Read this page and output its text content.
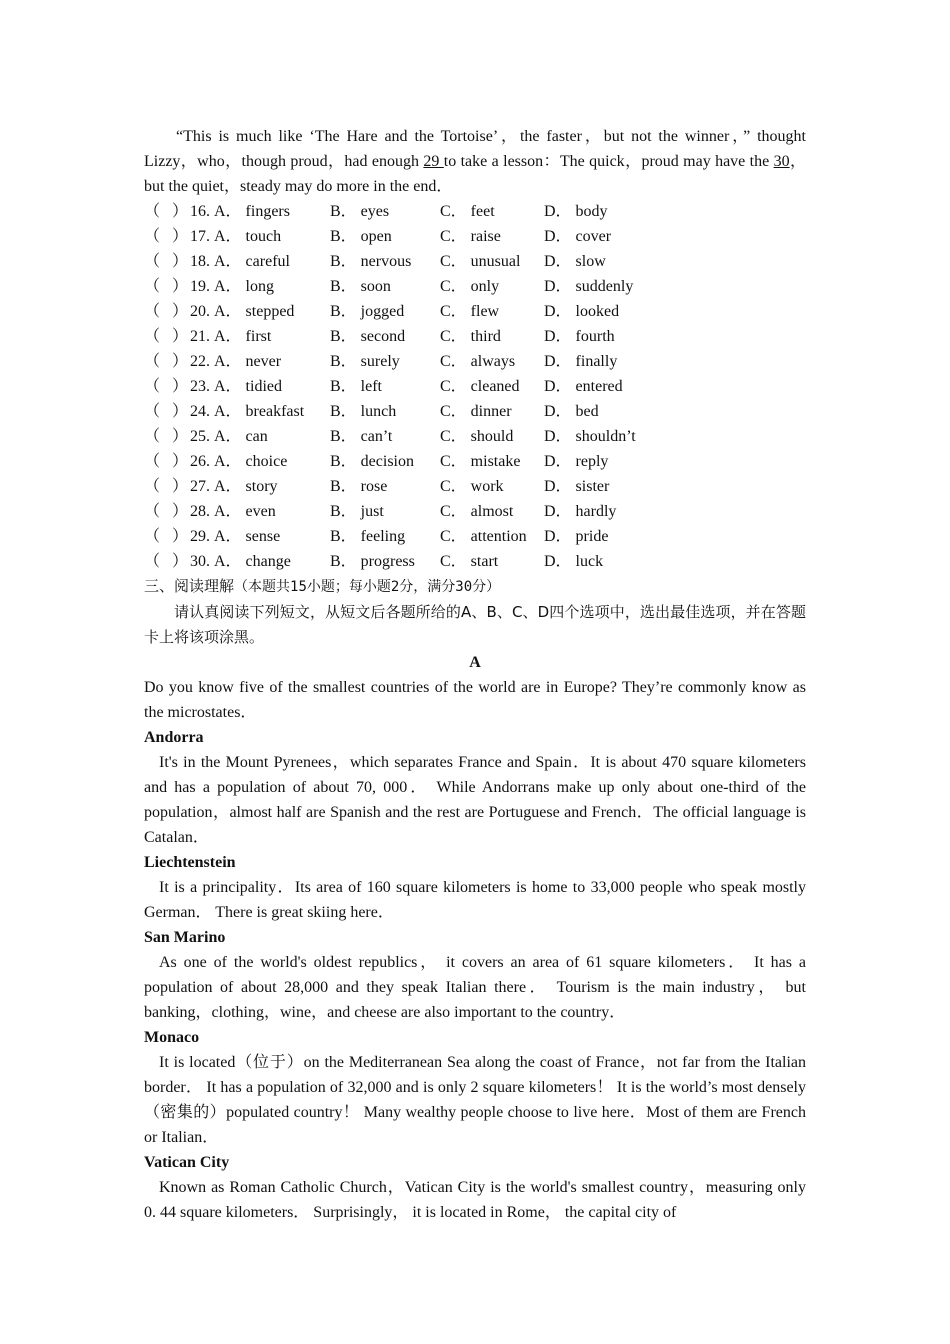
“This is much like ‘The Hare and the Tortoise’，the faster，but not the winner，” thought Lizzy，who，though proud，had enough 29 to take a lesson：The quick，proud may have the 30，but the quiet，steady may do more in the end．

（   ） 16. A． fingers	B． eyes	C． feet	D． body
（   ） 17. A． touch	B． open	C． raise	D． cover
（   ） 18. A． careful	B． nervous C． unusual D． slow
（   ） 19. A． long	B． soon	C． only	D． suddenly
（   ） 20. A． stepped B． jogged C． flew	D． looked
（   ） 21. A． first	B． second C． third	D． fourth
（   ） 22. A． never	B． surely	C． always D． finally
（   ） 23. A． tidied	B． left	C． cleaned D． entered
（   ） 24. A． breakfast B． lunch	C． dinner D． bed
（   ） 25. A． can	B． can’t	C． should D． shouldn’t
（   ） 26. A． choice	B． decision C． mistake D． reply
（   ） 27. A． story	B． rose	C． work	D． sister
（   ） 28. A． even	B． just	C． almost D． hardly
（   ） 29. A． sense	B． feeling C． attention D． pride
（   ） 30. A． change B． progress C． start	D． luck

三、阅读理解（本题共15小题；每小题2分，满分30分）

请认真阅读下列短文，从短文后各题所给的A、B、C、D四个选项中，选出最佳选项，并在答题卡上将该项涂黑。

A

Do you know five of the smallest countries of the world are in Europe? They’re commonly know as the microstates．

Andorra

It's in the Mount Pyrenees，which separates France and Spain．It is about 470 square kilometers and has a population of about 70, 000． While Andorrans make up only about one-third of the population，almost half are Spanish and the rest are Portuguese and French．The official language is Catalan．

Liechtenstein

It is a principality．Its area of 160 square kilometers is home to 33,000 people who speak mostly German． There is great skiing here．

San Marino

As one of the world's oldest republics， it covers an area of 61 square kilometers． It has a population of about 28,000 and they speak Italian there． Tourism is the main industry， but banking，clothing，wine，and cheese are also important to the country．

Monaco

It is located（位于）on the Mediterranean Sea along the coast of France，not far from the Italian border． It has a population of 32,000 and is only 2 square kilometers！ It is the world’s most densely（密集的）populated country！ Many wealthy people choose to live here．Most of them are French or Italian．

Vatican City

Known as Roman Catholic Church，Vatican City is the world's smallest country，measuring only 0. 44 square kilometers． Surprisingly， it is located in Rome， the capital city of
